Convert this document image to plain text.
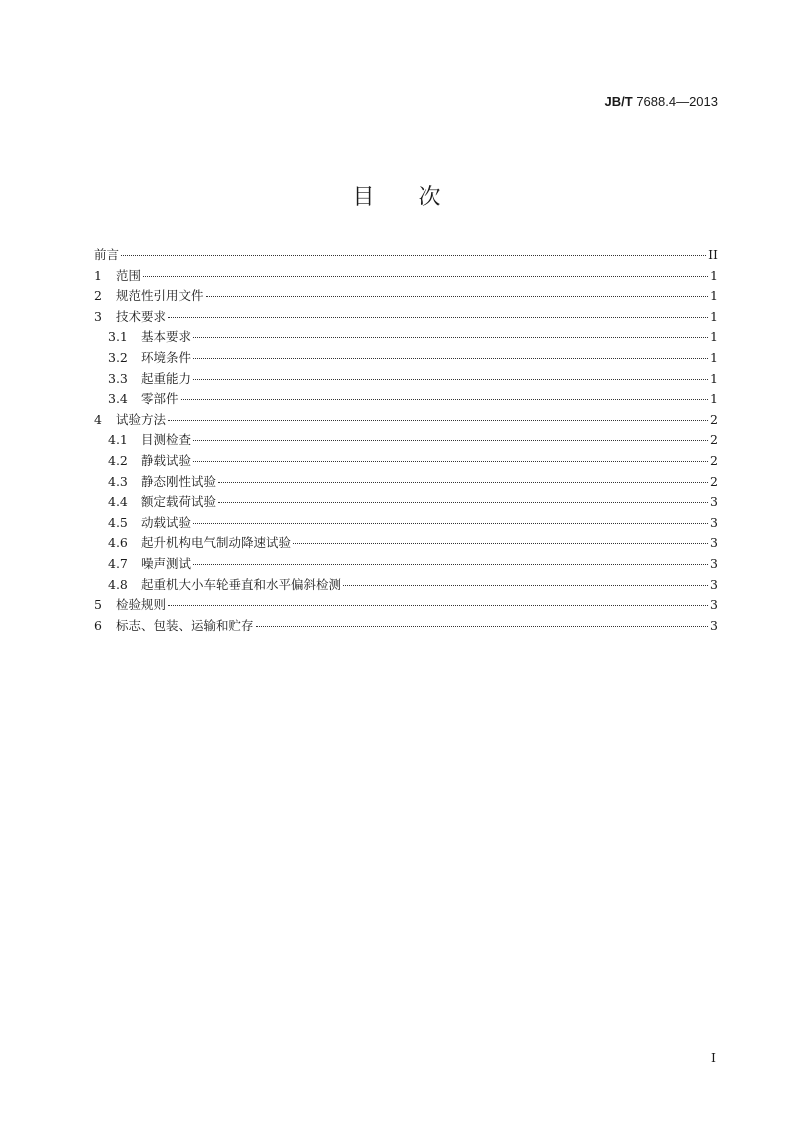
JB/T 7688.4—2013
目次
前言	II
1	范围	1
2	规范性引用文件	1
3	技术要求	1
3.1	基本要求	1
3.2	环境条件	1
3.3	起重能力	1
3.4	零部件	1
4	试验方法	2
4.1	目测检查	2
4.2	静载试验	2
4.3	静态刚性试验	2
4.4	额定载荷试验	3
4.5	动载试验	3
4.6	起升机构电气制动降速试验	3
4.7	噪声测试	3
4.8	起重机大小车轮垂直和水平偏斜检测	3
5	检验规则	3
6	标志、包装、运输和贮存	3
I
